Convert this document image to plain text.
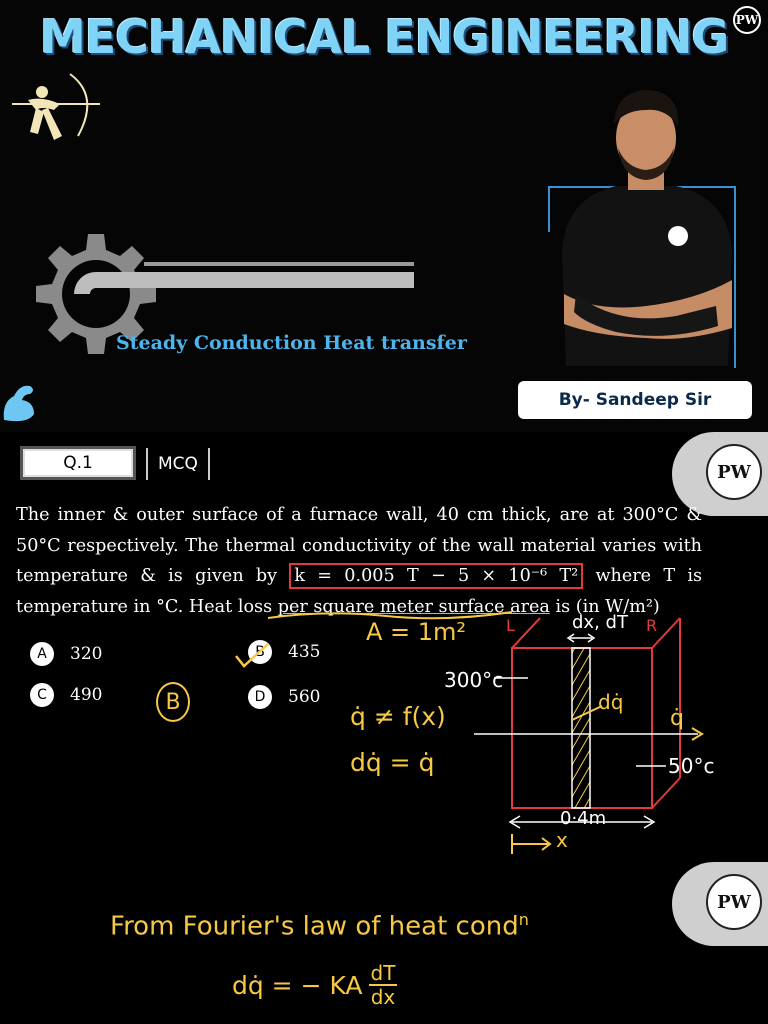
MECHANICAL ENGINEERING PW
Steady Conduction Heat transfer
By- Sandeep Sir
Q.1	MCQ	PW
The inner & outer surface of a furnace wall, 40 cm thick, are at 300°C & 50°C respectively. The thermal conductivity of the wall material varies with temperature & is given by k = 0.005 T − 5 × 10⁻⁶ T² where T is temperature in °C. Heat loss per square meter surface area is (in W/m²)
A	320	B	435
C	490	D	560
A = 1m²
B	q̇ ≠ f(x)
dq̇ = q̇
L	R
dx, dT
300°c
50°c
dq̇
q̇
0·4m
x
PW
From Fourier's law of heat cond$^n$
dq̇ = − KA $\frac{dT}{dx}$
